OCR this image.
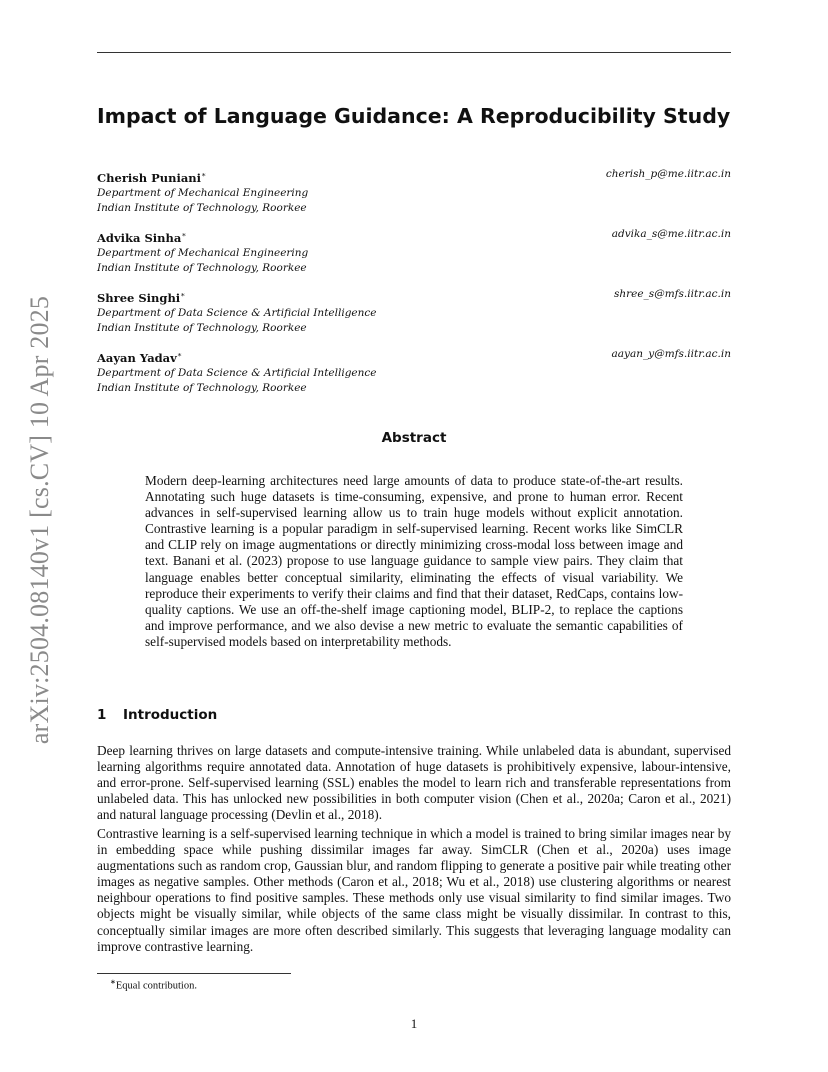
arXiv:2504.08140v1 [cs.CV] 10 Apr 2025
Impact of Language Guidance: A Reproducibility Study
Cherish Puniani∗	cherish_p@me.iitr.ac.in
Department of Mechanical Engineering
Indian Institute of Technology, Roorkee
Advika Sinha∗	advika_s@me.iitr.ac.in
Department of Mechanical Engineering
Indian Institute of Technology, Roorkee
Shree Singhi∗	shree_s@mfs.iitr.ac.in
Department of Data Science & Artificial Intelligence
Indian Institute of Technology, Roorkee
Aayan Yadav∗	aayan_y@mfs.iitr.ac.in
Department of Data Science & Artificial Intelligence
Indian Institute of Technology, Roorkee
Abstract
Modern deep-learning architectures need large amounts of data to produce state-of-the-art results. Annotating such huge datasets is time-consuming, expensive, and prone to human error. Recent advances in self-supervised learning allow us to train huge models without explicit annotation. Contrastive learning is a popular paradigm in self-supervised learning. Recent works like SimCLR and CLIP rely on image augmentations or directly minimizing cross-modal loss between image and text. Banani et al. (2023) propose to use language guidance to sample view pairs. They claim that language enables better conceptual similarity, eliminating the effects of visual variability. We reproduce their experiments to verify their claims and find that their dataset, RedCaps, contains low-quality captions. We use an off-the-shelf image captioning model, BLIP-2, to replace the captions and improve performance, and we also devise a new metric to evaluate the semantic capabilities of self-supervised models based on interpretability methods.
1 Introduction
Deep learning thrives on large datasets and compute-intensive training. While unlabeled data is abundant, supervised learning algorithms require annotated data. Annotation of huge datasets is prohibitively expensive, labour-intensive, and error-prone. Self-supervised learning (SSL) enables the model to learn rich and transferable representations from unlabeled data. This has unlocked new possibilities in both computer vision (Chen et al., 2020a; Caron et al., 2021) and natural language processing (Devlin et al., 2018).
Contrastive learning is a self-supervised learning technique in which a model is trained to bring similar images near by in embedding space while pushing dissimilar images far away. SimCLR (Chen et al., 2020a) uses image augmentations such as random crop, Gaussian blur, and random flipping to generate a positive pair while treating other images as negative samples. Other methods (Caron et al., 2018; Wu et al., 2018) use clustering algorithms or nearest neighbour operations to find positive samples. These methods only use visual similarity to find similar images. Two objects might be visually similar, while objects of the same class might be visually dissimilar. In contrast to this, conceptually similar images are more often described similarly. This suggests that leveraging language modality can improve contrastive learning.
∗Equal contribution.
1
